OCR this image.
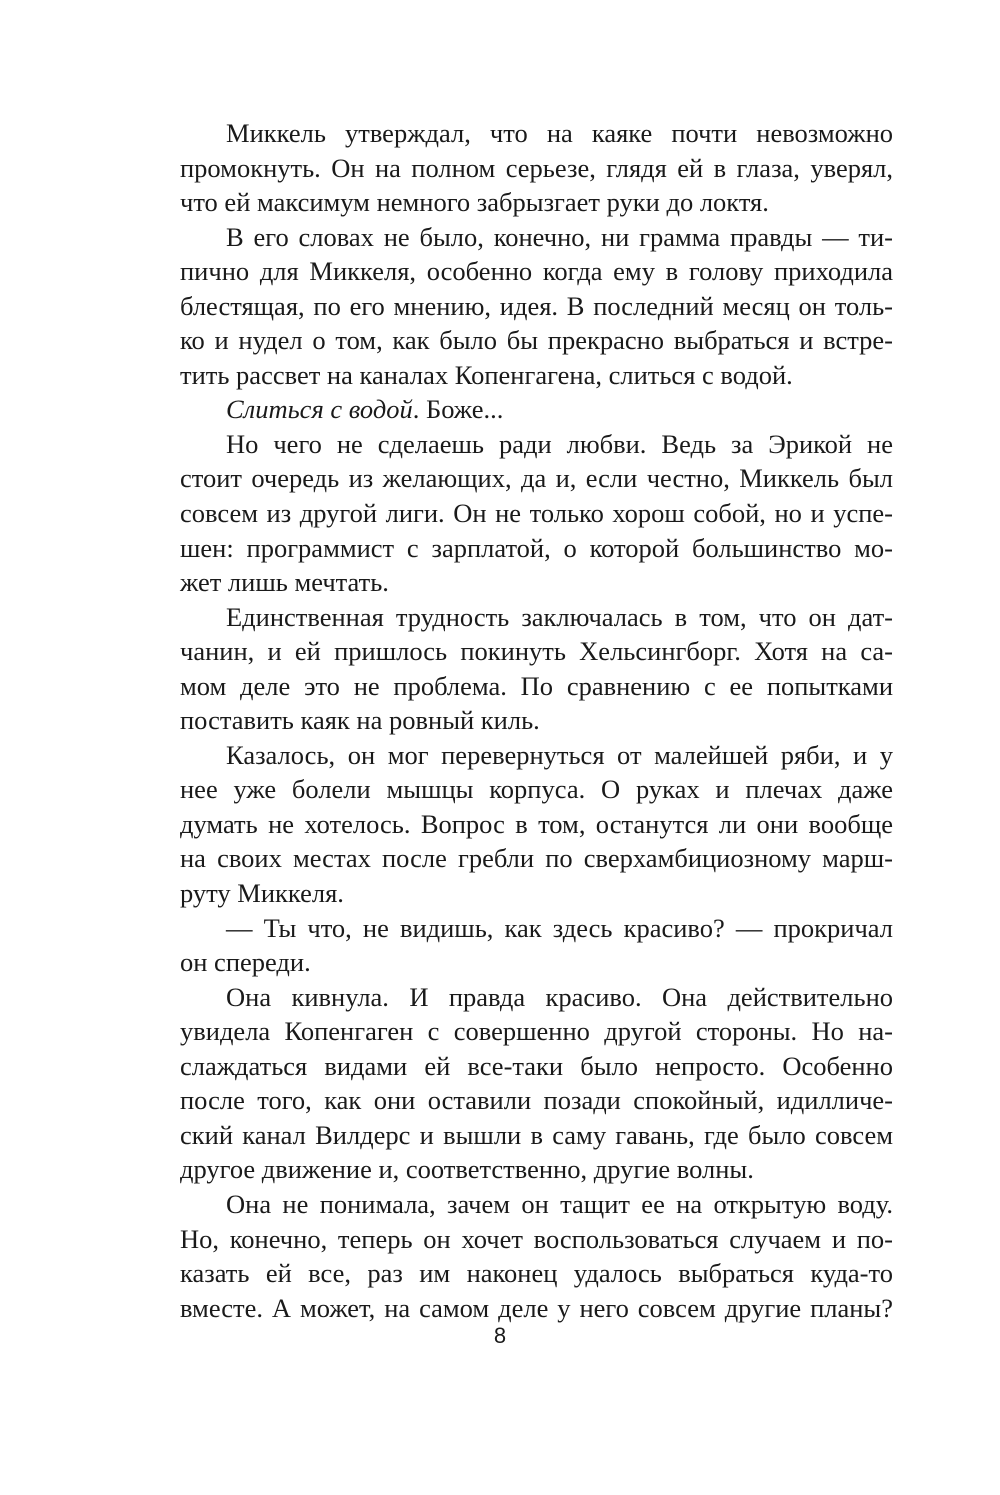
Миккель утверждал, что на каяке почти невозможно
промокнуть. Он на полном серьезе, глядя ей в глаза, уверял,
что ей максимум немного забрызгает руки до локтя.
В его словах не было, конечно, ни грамма правды — ти-
пично для Миккеля, особенно когда ему в голову приходила
блестящая, по его мнению, идея. В последний месяц он толь-
ко и нудел о том, как было бы прекрасно выбраться и встре-
тить рассвет на каналах Копенгагена, слиться с водой.
Слиться с водой. Боже...
Но чего не сделаешь ради любви. Ведь за Эрикой не
стоит очередь из желающих, да и, если честно, Миккель был
совсем из другой лиги. Он не только хорош собой, но и успе-
шен: программист с зарплатой, о которой большинство мо-
жет лишь мечтать.
Единственная трудность заключалась в том, что он дат-
чанин, и ей пришлось покинуть Хельсингборг. Хотя на са-
мом деле это не проблема. По сравнению с ее попытками
поставить каяк на ровный киль.
Казалось, он мог перевернуться от малейшей ряби, и у
нее уже болели мышцы корпуса. О руках и плечах даже
думать не хотелось. Вопрос в том, останутся ли они вообще
на своих местах после гребли по сверхамбициозному марш-
руту Миккеля.
— Ты что, не видишь, как здесь красиво? — прокричал
он спереди.
Она кивнула. И правда красиво. Она действительно
увидела Копенгаген с совершенно другой стороны. Но на-
слаждаться видами ей все-таки было непросто. Особенно
после того, как они оставили позади спокойный, идилличе-
ский канал Вилдерс и вышли в саму гавань, где было совсем
другое движение и, соответственно, другие волны.
Она не понимала, зачем он тащит ее на открытую воду.
Но, конечно, теперь он хочет воспользоваться случаем и по-
казать ей все, раз им наконец удалось выбраться куда-то
вместе. А может, на самом деле у него совсем другие планы?
8
